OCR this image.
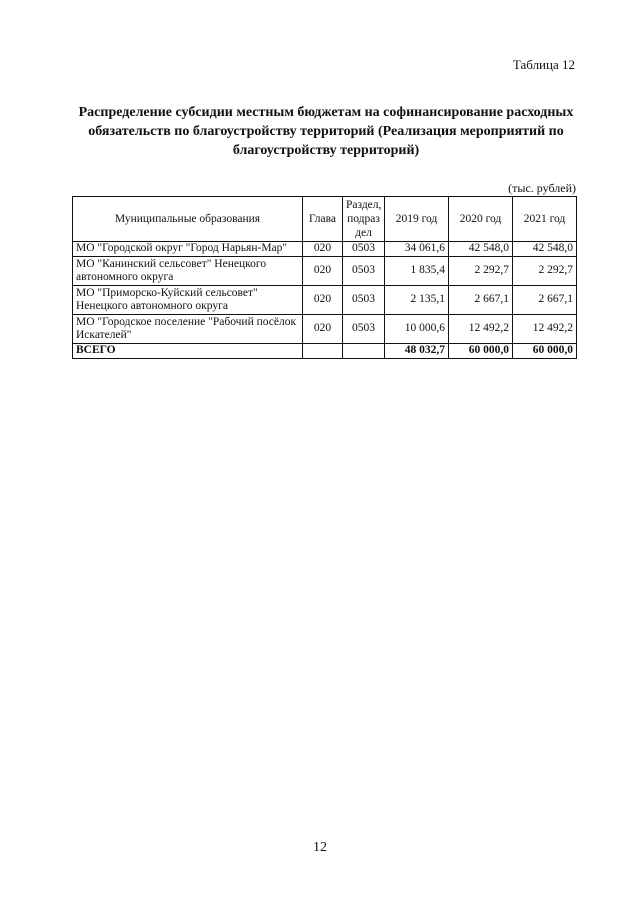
Таблица 12
Распределение субсидии местным бюджетам на софинансирование расходных обязательств по благоустройству территорий (Реализация мероприятий по благоустройству территорий)
(тыс. рублей)
Муниципальные образования	Глава	Раздел, подраз дел	2019 год	2020 год	2021 год
МО "Городской округ "Город Нарьян-Мар"	020	0503	34 061,6	42 548,0	42 548,0
МО "Канинский сельсовет" Ненецкого автономного округа	020	0503	1 835,4	2 292,7	2 292,7
МО "Приморско-Куйский сельсовет" Ненецкого автономного округа	020	0503	2 135,1	2 667,1	2 667,1
МО "Городское поселение "Рабочий посёлок Искателей"	020	0503	10 000,6	12 492,2	12 492,2
ВСЕГО			48 032,7	60 000,0	60 000,0
12
